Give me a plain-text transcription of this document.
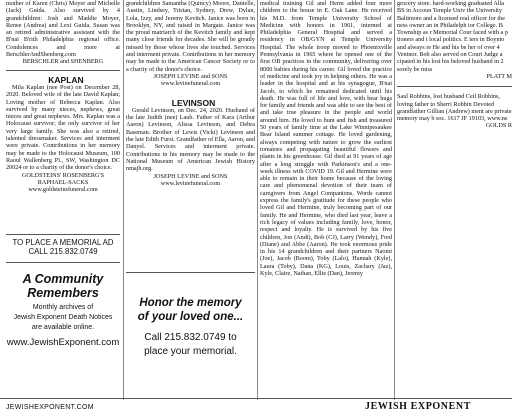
mother of Karen (Chris) Moyer and Michelle (Jack) Guida. Also survived by 4 grandchildren: Josh and Maddie Moyer, Renee (Andrea) and Lexi Guida. Susan was an retired administrative assistant with the B'nai B'rith Philadelphia regional office. Condolences and more at BerschlerAndShenberg.com

BERSCHLER and SHENBERG

KAPLAN

Mila Kaplan (nee Post) on December 28, 2020. Beloved wife of the late David Kaplan; Loving mother of Rebecca Kaplan. Also survived by many nieces, nephews, great nieces and great nephews. Mrs. Kaplan was a Holocaust survivor; the only survivor of her very large family. She was also a retired, talented dressmaker. Services and interment were private. Contributions in her memory may be made to the Holocaust Museum, 100 Raoul Wallenberg Pl., SW, Washington DC 20024 or to a charity of the donor's choice.

GOLDSTEINS' ROSENBERG'S

RAPHAEL-SACKS

www.goldsteinsfuneral.com

TO PLACE A MEMORIAL AD
CALL 215.832.0749
A Community
Remembers
Monthly archives of
Jewish Exponent Death Notices
are available online.
www.JewishExponent.com

grandchildren Samantha (Quincy) Moore, Danielle, Austin, Lindsey, Tristan, Sydney, Drew, Dylan, Lola, Izzy, and Jeremy Kevitch. Janice was born in Brooklyn, NY, and raised in Margate. Janice was the proud matriarch of the Kevitch family and kept many close friends for decades. She will be greatly missed by those whose lives she touched. Services and interment private. Contributions in her memory may be made to the American Cancer Society or to a charity of the donor's choice.

JOSEPH LEVINE and SONS

www.levinefuneral.com

LEVINSON

Gerald Levinson, on Dec. 24, 2020. Husband of the late Judith (nee) Laub. Father of Kara (Arthur Aaron) Levinson, Alissa Levinson, and Debra Baseman. Brother of Lewis (Vicki) Levinson and the late Edith Furst. Grandfather of Ella, Aaron, and Danyel. Services and interment private. Contributions in his memory may be made to the National Museum of American Jewish History nmajh.org.

JOSEPH LEVINE and SONS

www.levinefuneral.com

Honor the memory
of your loved one...
Call 215.832.0749 to
place your memorial.

medical training Gil and Herm added four more children to the house in E. Oak Lane. He received his M.D. from Temple University School of Medicine with honors in 1961, interned at Philadelphia General Hospital and served a residency in OB/GYN at Temple University Hospital. The whole troop moved to Phoenixville Pennsylvania in 1965 where he opened one of the first OB practices in the community, delivering over 8000 babies during his career. Gil loved the practice of medicine and took joy in helping others. He was a leader in the hospital and at his synagogue, B'nai Jacob, to which he remained dedicated until his death. He was full of life and love, with bear hugs for family and friends and was able to see the best of and take true pleasure in the people and world around him. He loved to hunt and fish and treasured 50 years of family time at the Lake Winnipesaukee Bear Island summer cottage. He loved gardening, always competing with nature to grow the earliest tomatoes and propagating beautiful flowers and plants in his greenhouse. Gil died at 91 years of age after a long struggle with Parkinson's and a one-week illness with COVID 19. Gil and Hermine were able to remain in their home because of the loving care and phenomenal devotion of their team of caregivers from Angel Companions. Words cannot express the family's gratitude for these people who loved Gil and Hermine, truly becoming part of our family. He and Hermine, who died last year, leave a rich legacy of values including family, love, honor, respect and loyalty. He is survived by his five children, Jon (Andi), Bob (CJ), Larry (Wendy), Fred (Diane) and Abbe (Aaron). He took enormous pride in his 14 grandchildren and their partners Naomi (Joe), Jacob (Boom), Toby (Lalo), Hannah (Kyle), Laura (Toby), Dana (KG), Louis, Zachary (Jaz), Kyle, Claire, Nathan, Ellie (Dan), Jeremy

grocery store. hard-working graduated Alla BS in Accoun Temple Univ the University Baltimore and a licensed real officer for the ness owner an in Philadelph ior College. B Township as r Memorial Cour faced with a p tioners and t local politics. E ters in Boynto and always re He and his be her of over 4 Ventnor. Bob also served on Court Judge a cipated in his lost his beloved husband in 2 sorely be miss

PLATT M

Saul Robbins, lost husband Ceil Robbins, loving father to Sherri Robbin Devoted grandfather Gillian (Andrew) ment are private memory may b soc. 1617 JF 19103, www.ne

GOLDS R

JEWISHEXPONENT.COM	JEWISH EXPONENT
